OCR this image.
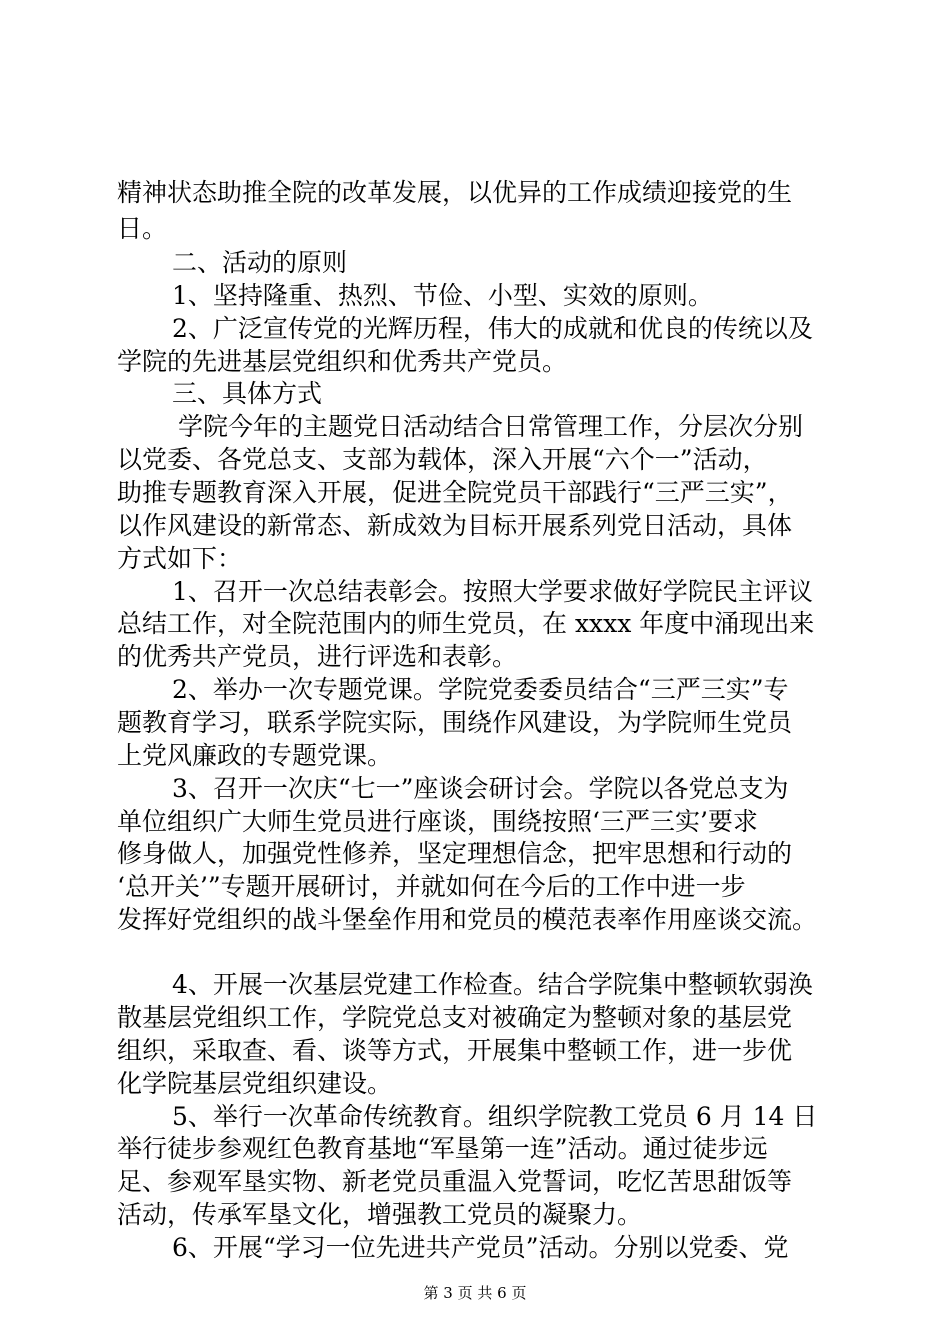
精神状态助推全院的改革发展，以优异的工作成绩迎接党的生

日。

二、活动的原则

1、坚持隆重、热烈、节俭、小型、实效的原则。

2、广泛宣传党的光辉历程，伟大的成就和优良的传统以及

学院的先进基层党组织和优秀共产党员。

三、具体方式

学院今年的主题党日活动结合日常管理工作，分层次分别

以党委、各党总支、支部为载体，深入开展“六个一”活动，

助推专题教育深入开展，促进全院党员干部践行“三严三实”，

以作风建设的新常态、新成效为目标开展系列党日活动，具体

方式如下：

1、召开一次总结表彰会。按照大学要求做好学院民主评议

总结工作，对全院范围内的师生党员，在 xxxx 年度中涌现出来

的优秀共产党员，进行评选和表彰。

2、举办一次专题党课。学院党委委员结合“三严三实”专

题教育学习，联系学院实际，围绕作风建设，为学院师生党员

上党风廉政的专题党课。

3、召开一次庆“七一”座谈会研讨会。学院以各党总支为

单位组织广大师生党员进行座谈，围绕按照‘三严三实’要求

修身做人，加强党性修养，坚定理想信念，把牢思想和行动的

‘总开关’”专题开展研讨，并就如何在今后的工作中进一步

发挥好党组织的战斗堡垒作用和党员的模范表率作用座谈交流。

4、开展一次基层党建工作检查。结合学院集中整顿软弱涣

散基层党组织工作，学院党总支对被确定为整顿对象的基层党

组织，采取查、看、谈等方式，开展集中整顿工作，进一步优

化学院基层党组织建设。

5、举行一次革命传统教育。组织学院教工党员 6 月 14 日

举行徒步参观红色教育基地“军垦第一连”活动。通过徒步远

足、参观军垦实物、新老党员重温入党誓词，吃忆苦思甜饭等

活动，传承军垦文化，增强教工党员的凝聚力。

6、开展“学习一位先进共产党员”活动。分别以党委、党

第 3 页 共 6 页
